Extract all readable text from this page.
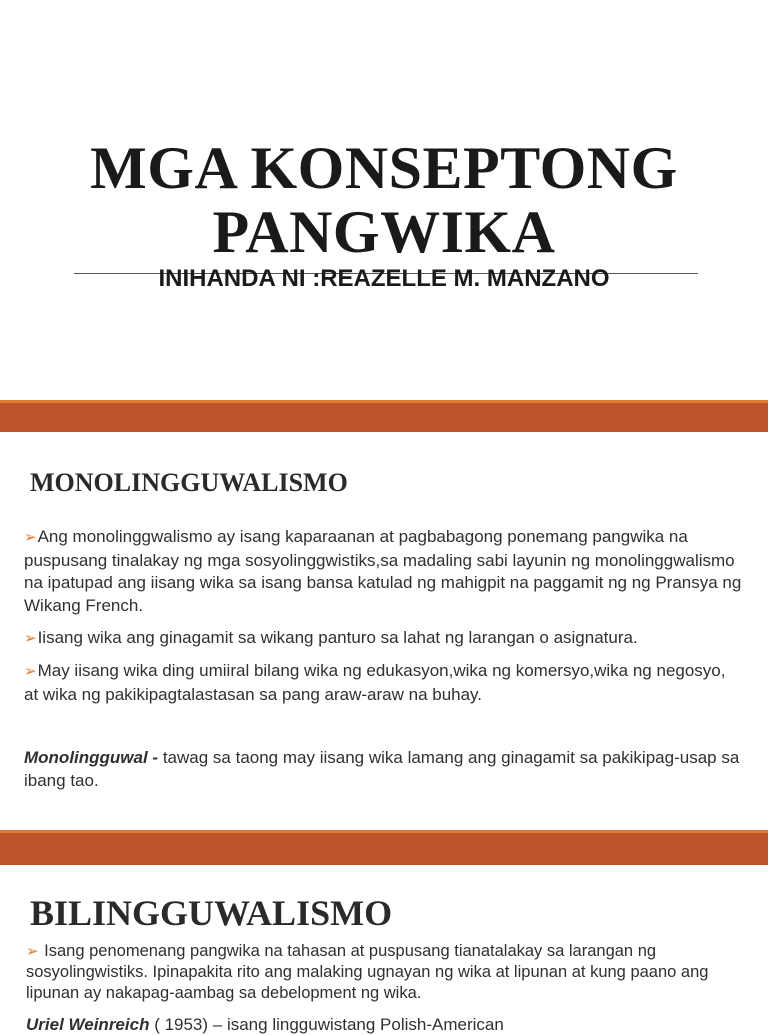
MGA KONSEPTONG
PANGWIKA

INIHANDA NI :REAZELLE M. MANZANO

MONOLINGGUWALISMO

➢Ang monolinggwalismo ay isang kaparaanan at pagbabagong ponemang pangwika na puspusang tinalakay ng mga sosyolinggwistiks,sa madaling sabi layunin ng monolinggwalismo na ipatupad ang iisang wika sa isang bansa katulad ng mahigpit na paggamit ng ng Pransya ng Wikang French.

➢Iisang wika ang ginagamit sa wikang panturo sa lahat ng larangan o asignatura.

➢May iisang wika ding umiiral bilang wika ng edukasyon,wika ng komersyo,wika ng negosyo, at wika ng pakikipagtalastasan sa pang araw-araw na buhay.

Monolingguwal - tawag sa taong may iisang wika lamang ang ginagamit sa pakikipag-usap sa ibang tao.

BILINGGUWALISMO

➢ Isang penomenang pangwika na tahasan at puspusang tianatalakay sa larangan ng sosyolingwistiks. Ipinapakita rito ang malaking ugnayan ng wika at lipunan at kung paano ang lipunan ay nakapag-aambag sa debelopment ng wika.

Uriel Weinreich ( 1953) – isang lingguwistang Polish-American
